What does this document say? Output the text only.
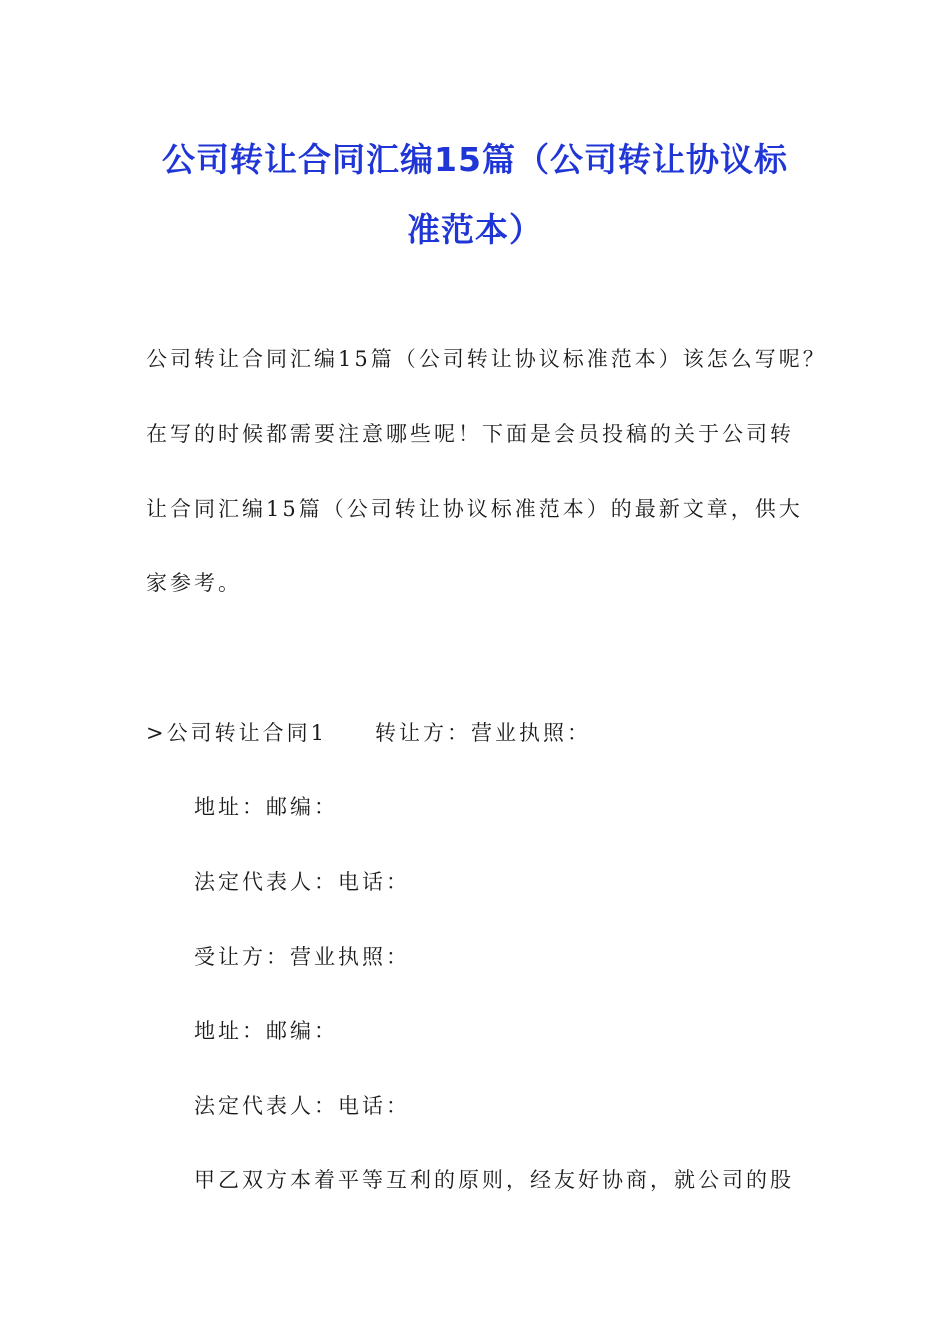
公司转让合同汇编15篇（公司转让协议标
准范本）
公司转让合同汇编15篇（公司转让协议标准范本）该怎么写呢？
在写的时候都需要注意哪些呢！下面是会员投稿的关于公司转
让合同汇编15篇（公司转让协议标准范本）的最新文章，供大
家参考。
>公司转让合同1　　转让方：营业执照：
地址：邮编：
法定代表人：电话：
受让方：营业执照：
地址：邮编：
法定代表人：电话：
甲乙双方本着平等互利的原则，经友好协商，就公司的股
